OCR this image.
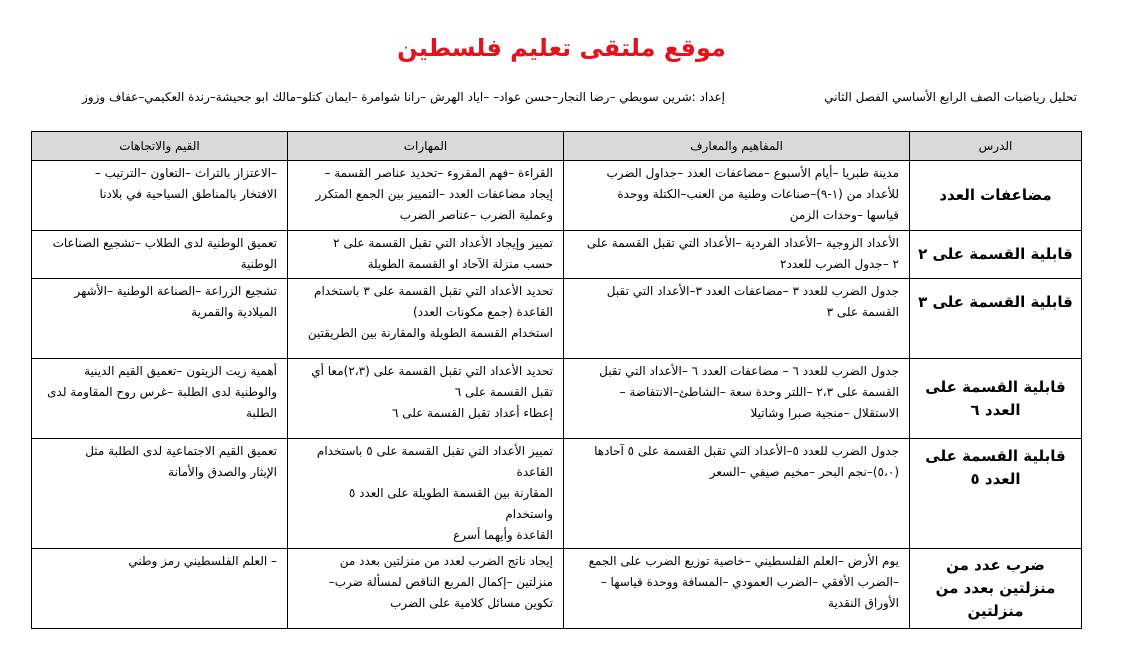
موقع ملتقى تعليم فلسطين
تحليل رياضيات الصف الرابع الأساسي الفصل الثاني
إعداد :شرين سويطي –رضا النجار–حسن عواد– –اياد الهرش –رانا شوامرة –ايمان كتلو–مالك ابو جحيشة–رندة العكيمي–عفاف وزوز
الدرس	المفاهيم والمعارف	المهارات	القيم والاتجاهات
مضاعفات العدد	مدينة طبريا –أيام الأسبوع –مضاعفات العدد –جداول الضرب
للأعداد من (١-٩)–صناعات وطنية من العنب–الكتلة ووحدة
قياسها –وحدات الزمن	القراءة –فهم المقروء –تحديد عناصر القسمة –
إيجاد مضاعفات العدد –التمييز بين الجمع المتكرر
وعملية الضرب –عناصر الضرب	–الاعتزاز بالتراث –التعاون –الترتيب –
الافتخار بالمناطق السياحية في بلادنا

قابلية القسمة على ٢	الأعداد الزوجية –الأعداد الفردية –الأعداد التي تقبل القسمة على
٢ –جدول الضرب للعدد٢	تمييز وإيجاد الأعداد التي تقبل القسمة على ٢
حسب منزلة الآحاد او القسمة الطويلة	تعميق الوطنية لدى الطلاب –تشجيع الصناعات
الوطنية

قابلية القسمة على ٣	جدول الضرب للعدد ٣ –مضاعفات العدد ٣–الأعداد التي تقبل
القسمة على ٣	تحديد الأعداد التي تقبل القسمة على ٣ باستخدام
القاعدة (جمع مكونات العدد)
استخدام القسمة الطويلة والمقارنة بين الطريقتين	تشجيع الزراعة –الصناعة الوطنية –الأشهر
الميلادية والقمرية

قابلية القسمة على العدد ٦	جدول الضرب للعدد ٦ – مضاعفات العدد ٦ –الأعداد التي تقبل
القسمة على ٢،٣ –اللتر وحدة سعة –الشاطئ–الانتفاضة –
الاستقلال –منجية صبرا وشاتيلا	تحديد الأعداد التي تقبل القسمة على (٢،٣)معا أي
تقبل القسمة على ٦
إعطاء أعداد تقبل القسمة على ٦	أهمية زيت الزيتون –تعميق القيم الدينية
والوطنية لدى الطلبة –غرس روح المقاومة لدى
الطلبة

قابلية القسمة على العدد ٥	جدول الضرب للعدد ٥–الأعداد التي تقبل القسمة على ٥ آحادها
(٥،٠)–نجم البحر –مخيم صيفي –السعر	تمييز الأعداد التي تقبل القسمة على ٥ باستخدام
القاعدة
المقارنة بين القسمة الطويلة على العدد ٥ واستخدام
القاعدة وأيهما أسرع	تعميق القيم الاجتماعية لدى الطلبة مثل
الإيثار والصدق والأمانة

ضرب عدد من منزلتين بعدد من منزلتين	يوم الأرض –العلم الفلسطيني –خاصية توزيع الضرب على الجمع
–الضرب الأفقي –الضرب العمودي –المسافة ووحدة قياسها –
الأوراق النقدية	إيجاد ناتج الضرب لعدد من منزلتين بعدد من
منزلتين –إكمال المربع الناقص لمسألة ضرب–
تكوين مسائل كلامية على الضرب	– العلم الفلسطيني رمز وطني
